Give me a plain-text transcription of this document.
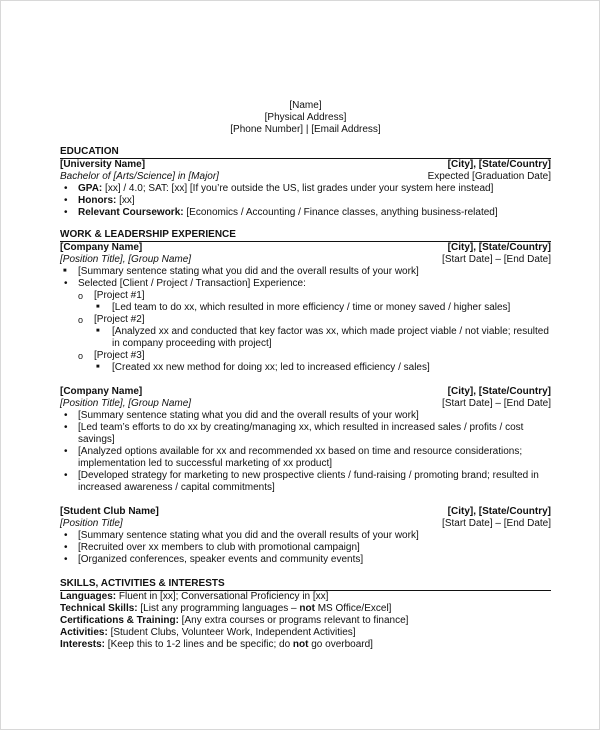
[Name]
[Physical Address]
[Phone Number] | [Email Address]
EDUCATION
[University Name]	[City], [State/Country]
Bachelor of [Arts/Science] in [Major]	Expected [Graduation Date]
• GPA: [xx] / 4.0; SAT: [xx] [If you’re outside the US, list grades under your system here instead]
• Honors: [xx]
• Relevant Coursework: [Economics / Accounting / Finance classes, anything business-related]
WORK & LEADERSHIP EXPERIENCE
[Company Name]	[City], [State/Country]
[Position Title], [Group Name]	[Start Date] – [End Date]
■ [Summary sentence stating what you did and the overall results of your work]
• Selected [Client / Project / Transaction] Experience:
o [Project #1]
■ [Led team to do xx, which resulted in more efficiency / time or money saved / higher sales]
o [Project #2]
■ [Analyzed xx and conducted that key factor was xx, which made project viable / not viable; resulted in company proceeding with project]
o [Project #3]
■ [Created xx new method for doing xx; led to increased efficiency / sales]
[Company Name]	[City], [State/Country]
[Position Title], [Group Name]	[Start Date] – [End Date]
• [Summary sentence stating what you did and the overall results of your work]
• [Led team’s efforts to do xx by creating/managing xx, which resulted in increased sales / profits / cost savings]
• [Analyzed options available for xx and recommended xx based on time and resource considerations; implementation led to successful marketing of xx product]
• [Developed strategy for marketing to new prospective clients / fund-raising / promoting brand; resulted in increased awareness / capital commitments]
[Student Club Name]	[City], [State/Country]
[Position Title]	[Start Date] – [End Date]
• [Summary sentence stating what you did and the overall results of your work]
• [Recruited over xx members to club with promotional campaign]
• [Organized conferences, speaker events and community events]
SKILLS, ACTIVITIES & INTERESTS
Languages: Fluent in [xx]; Conversational Proficiency in [xx]
Technical Skills: [List any programming languages – not MS Office/Excel]
Certifications & Training: [Any extra courses or programs relevant to finance]
Activities: [Student Clubs, Volunteer Work, Independent Activities]
Interests: [Keep this to 1-2 lines and be specific; do not go overboard]
